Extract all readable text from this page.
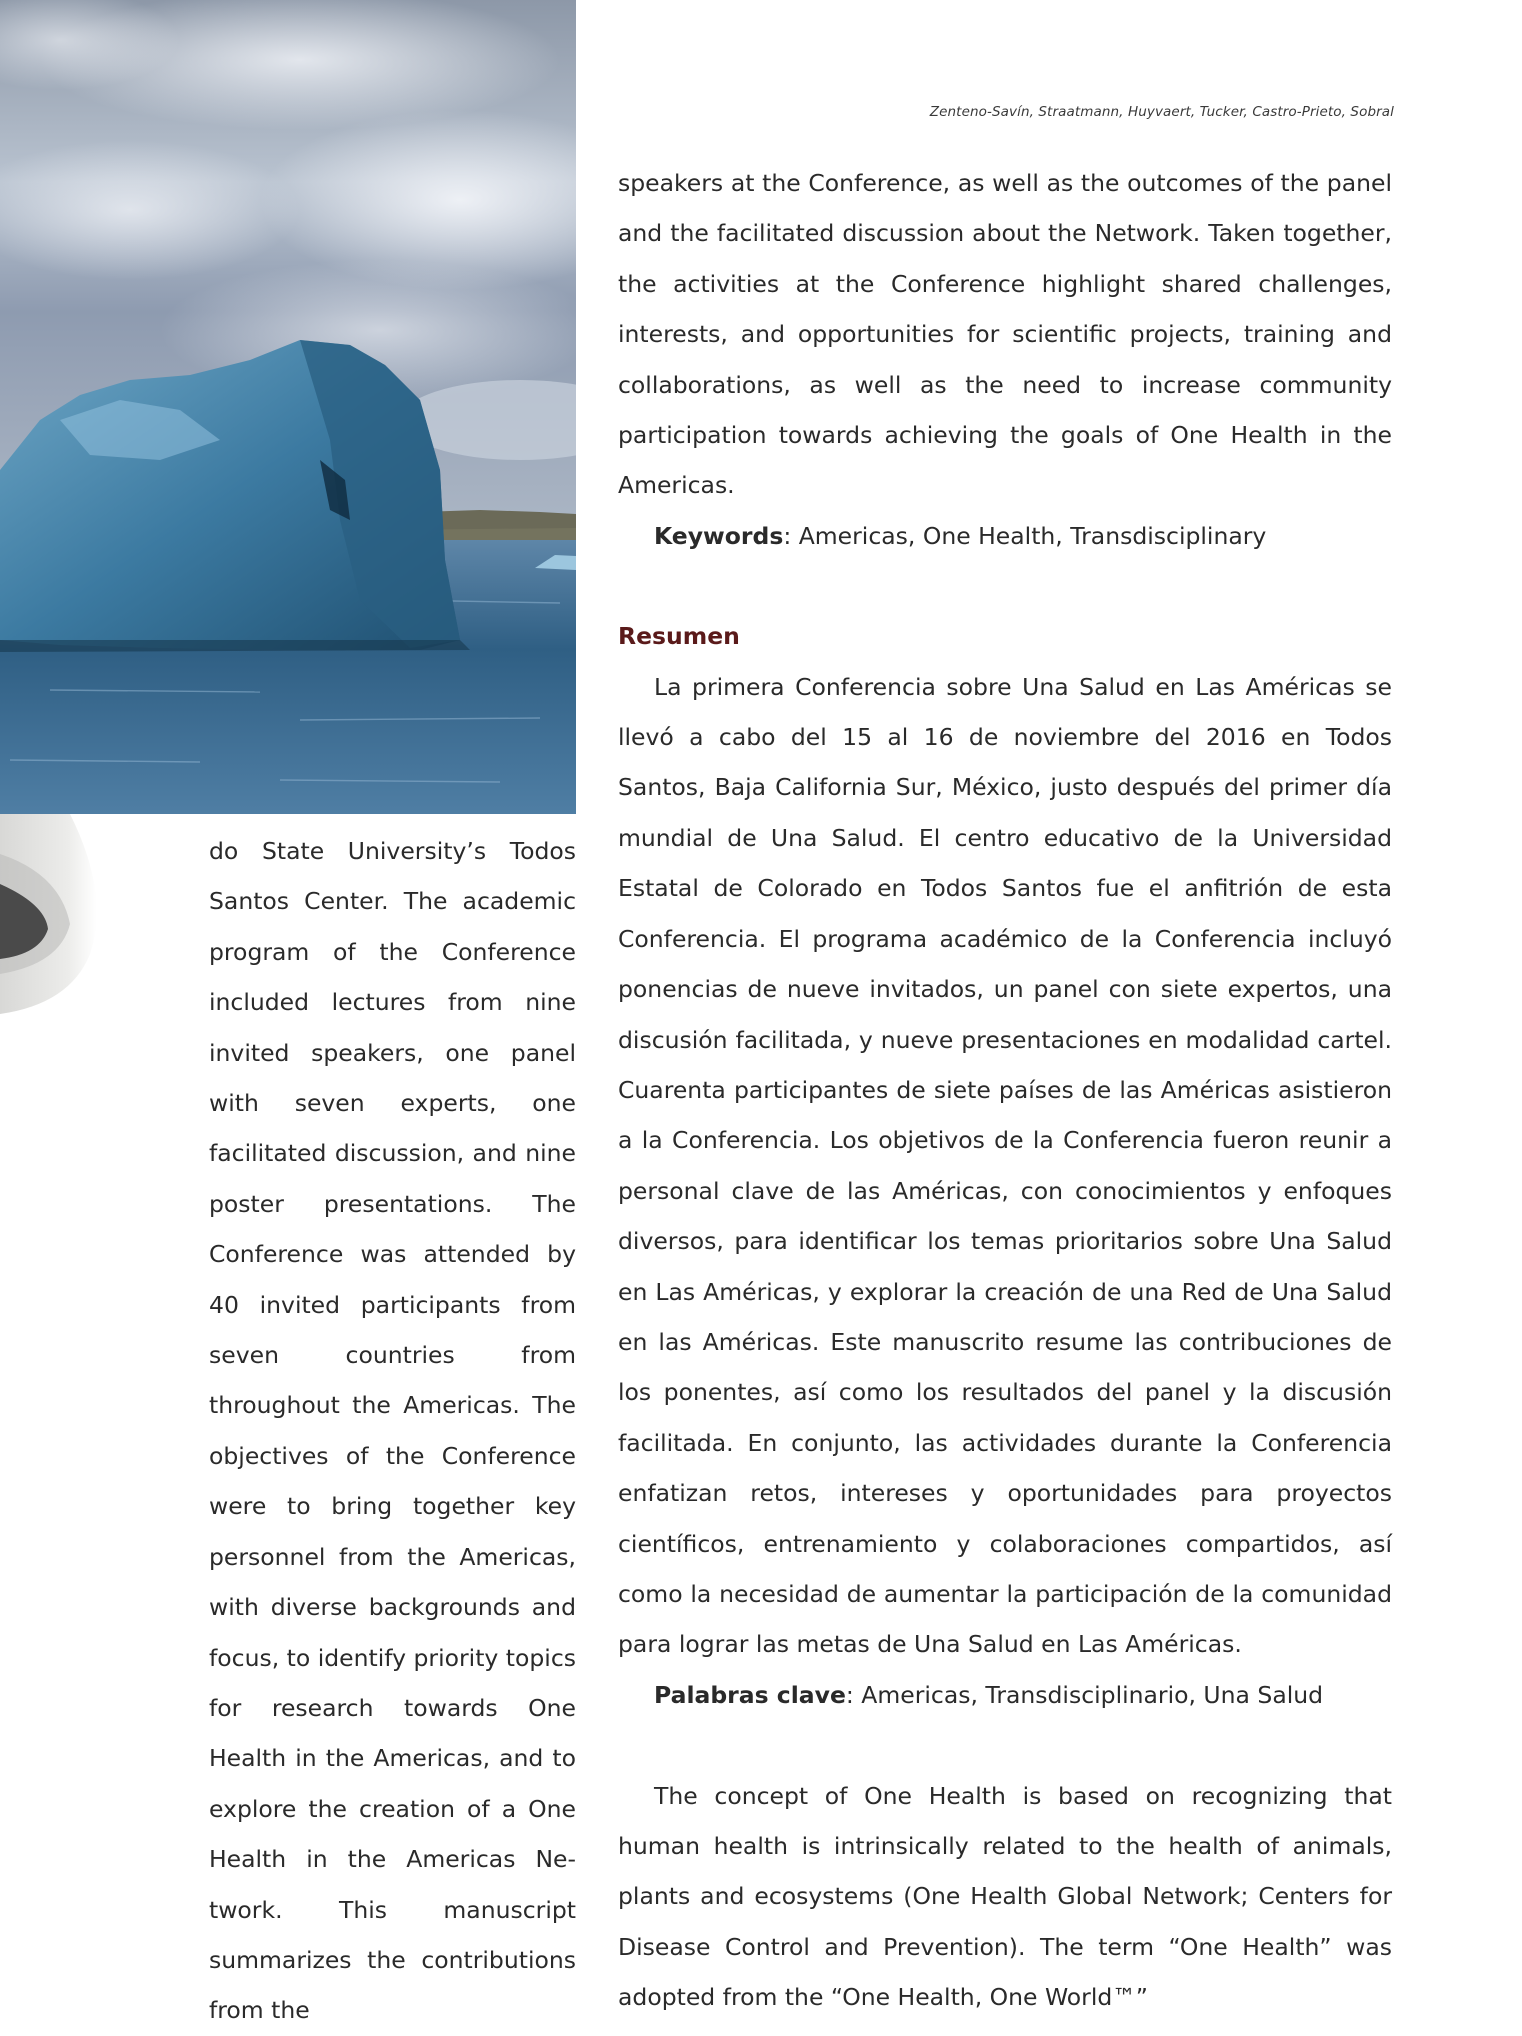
Zenteno-Savín, Straatmann, Huyvaert, Tucker, Castro-Prieto, Sobral

do State University’s Todos Santos Center. The academic program of the Conference included lectures from nine invited speakers, one panel with seven experts, one facilitated discussion, and nine poster presentations. The Conference was attended by 40 invited participants from seven countries from throughout the Americas. The objectives of the Conference were to bring together key personnel from the Americas, with diverse backgrounds and focus, to identify priority topics for research towards One Health in the Americas, and to explore the creation of a One Health in the Americas Network. This manuscript summarizes the contributions from the

speakers at the Conference, as well as the outcomes of the panel and the facilitated discussion about the Network. Taken together, the activities at the Conference highlight shared challenges, interests, and opportunities for scientific projects, training and collaborations, as well as the need to increase community participation towards achieving the goals of One Health in the Americas.

Keywords: Americas, One Health, Transdisciplinary

Resumen

La primera Conferencia sobre Una Salud en Las Américas se llevó a cabo del 15 al 16 de noviembre del 2016 en Todos Santos, Baja California Sur, México, justo después del primer día mundial de Una Salud. El centro educativo de la Universidad Estatal de Colorado en Todos Santos fue el anfitrión de esta Conferencia. El programa académico de la Conferencia incluyó ponencias de nueve invitados, un panel con siete expertos, una discusión facilitada, y nueve presentaciones en modalidad cartel. Cuarenta participantes de siete países de las Américas asistieron a la Conferencia. Los objetivos de la Conferencia fueron reunir a personal clave de las Américas, con conocimientos y enfoques diversos, para identificar los temas prioritarios sobre Una Salud en Las Américas, y explorar la creación de una Red de Una Salud en las Américas. Este manuscrito resume las contribuciones de los ponentes, así como los resultados del panel y la discusión facilitada. En conjunto, las actividades durante la Conferencia enfatizan retos, intereses y oportunidades para proyectos científicos, entrenamiento y colaboraciones compartidos, así como la necesidad de aumentar la participación de la comunidad para lograr las metas de Una Salud en Las Américas.

Palabras clave: Americas, Transdisciplinario, Una Salud

The concept of One Health is based on recognizing that human health is intrinsically related to the health of animals, plants and ecosystems (One Health Global Network; Centers for Disease Control and Prevention). The term “One Health” was adopted from the “One Health, One World™”
